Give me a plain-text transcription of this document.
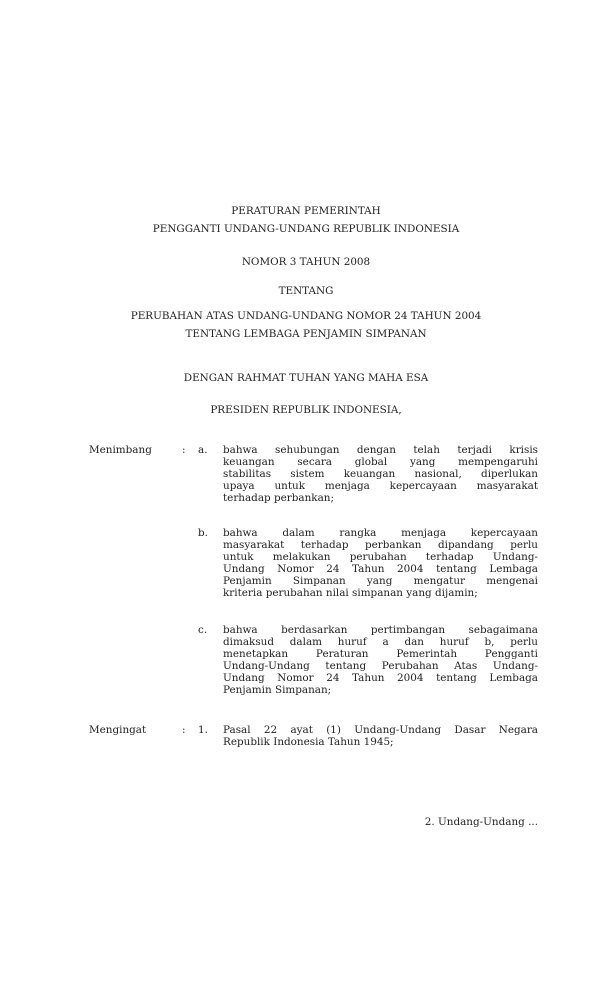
PERATURAN PEMERINTAH
PENGGANTI UNDANG-UNDANG REPUBLIK INDONESIA
NOMOR 3 TAHUN 2008
TENTANG
PERUBAHAN ATAS UNDANG-UNDANG NOMOR 24 TAHUN 2004
TENTANG LEMBAGA PENJAMIN SIMPANAN
DENGAN RAHMAT TUHAN YANG MAHA ESA
PRESIDEN REPUBLIK INDONESIA,
Menimbang	: a. bahwa sehubungan dengan telah terjadi krisis
keuangan secara global yang mempengaruhi
stabilitas sistem keuangan nasional, diperlukan
upaya untuk menjaga kepercayaan masyarakat
terhadap perbankan;
b. bahwa dalam rangka menjaga kepercayaan
masyarakat terhadap perbankan dipandang perlu
untuk melakukan perubahan terhadap Undang-
Undang Nomor 24 Tahun 2004 tentang Lembaga
Penjamin Simpanan yang mengatur mengenai
kriteria perubahan nilai simpanan yang dijamin;
c. bahwa berdasarkan pertimbangan sebagaimana
dimaksud dalam huruf a dan huruf b, perlu
menetapkan Peraturan Pemerintah Pengganti
Undang-Undang tentang Perubahan Atas Undang-
Undang Nomor 24 Tahun 2004 tentang Lembaga
Penjamin Simpanan;
Mengingat	: 1. Pasal 22 ayat (1) Undang-Undang Dasar Negara
Republik Indonesia Tahun 1945;
2. Undang-Undang ...
